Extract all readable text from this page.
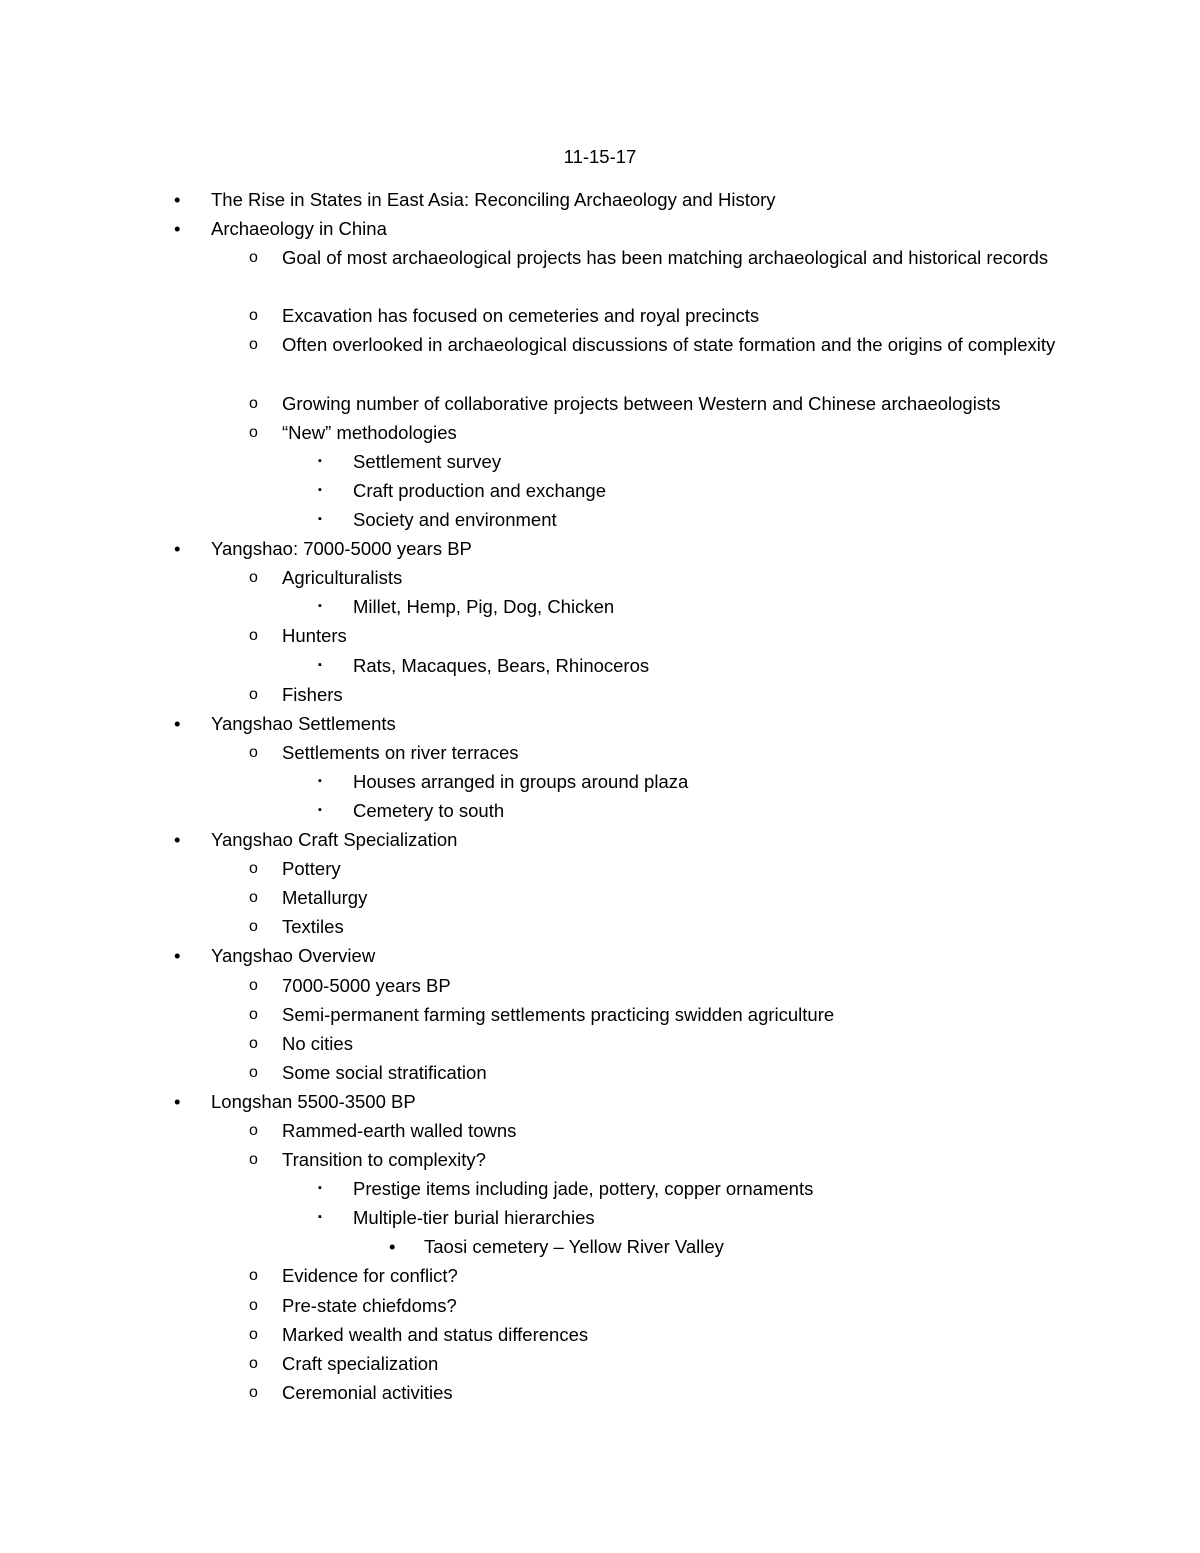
11-15-17
• The Rise in States in East Asia: Reconciling Archaeology and History
• Archaeology in China
o Goal of most archaeological projects has been matching archaeological and historical records
o Excavation has focused on cemeteries and royal precincts
o Often overlooked in archaeological discussions of state formation and the origins of complexity
o Growing number of collaborative projects between Western and Chinese archaeologists
o “New” methodologies
▪ Settlement survey
▪ Craft production and exchange
▪ Society and environment
• Yangshao: 7000-5000 years BP
o Agriculturalists
▪ Millet, Hemp, Pig, Dog, Chicken
o Hunters
▪ Rats, Macaques, Bears, Rhinoceros
o Fishers
• Yangshao Settlements
o Settlements on river terraces
▪ Houses arranged in groups around plaza
▪ Cemetery to south
• Yangshao Craft Specialization
o Pottery
o Metallurgy
o Textiles
• Yangshao Overview
o 7000-5000 years BP
o Semi-permanent farming settlements practicing swidden agriculture
o No cities
o Some social stratification
• Longshan 5500-3500 BP
o Rammed-earth walled towns
o Transition to complexity?
▪ Prestige items including jade, pottery, copper ornaments
▪ Multiple-tier burial hierarchies
• Taosi cemetery – Yellow River Valley
o Evidence for conflict?
o Pre-state chiefdoms?
o Marked wealth and status differences
o Craft specialization
o Ceremonial activities
